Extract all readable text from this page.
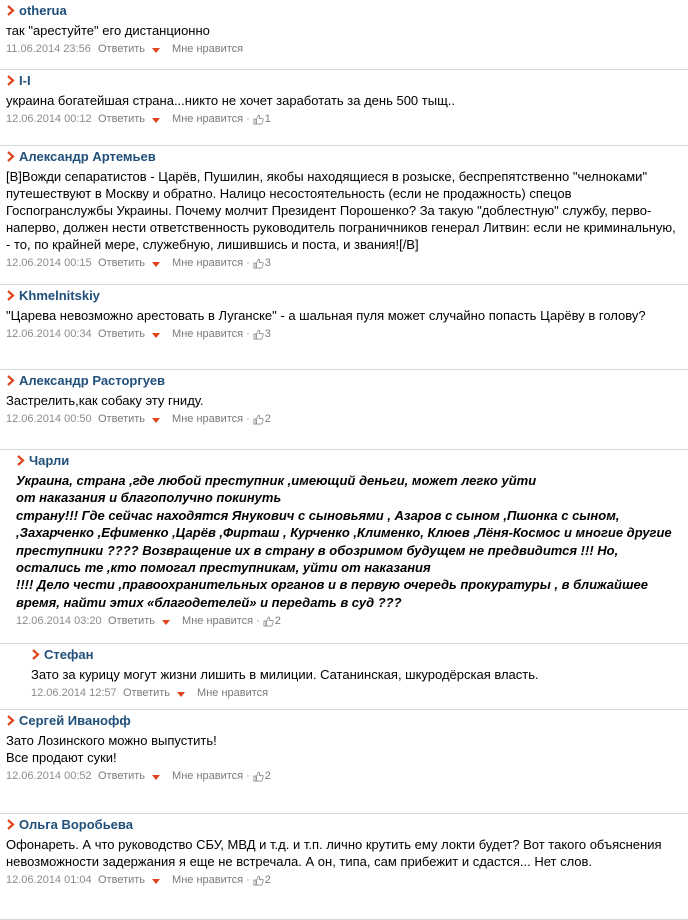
otherua
так "арестуйте" его дистанционно
11.06.2014 23:56 Ответить Мне нравится
I-I
украина богатейшая страна...никто не хочет заработать за день 500 тыщ..
12.06.2014 00:12 Ответить Мне нравится · 1
Александр Артемьев
[B]Вожди сепаратистов - Царёв, Пушилин, якобы находящиеся в розыске, беспрепятственно "челноками" путешествуют в Москву и обратно. Налицо несостоятельность (если не продажность) спецов Госпогранслужбы Украины. Почему молчит Президент Порошенко? За такую "доблестную" службу, перво-наперво, должен нести ответственность руководитель пограничников генерал Литвин: если не криминальную, - то, по крайней мере, служебную, лишившись и поста, и звания![/B]
12.06.2014 00:15 Ответить Мне нравится · 3
Khmelnitskiy
"Царева невозможно арестовать в Луганске" - а шальная пуля может случайно попасть Царёву в голову?
12.06.2014 00:34 Ответить Мне нравится · 3
Александр Расторгуев
Застрелить,как собаку эту гниду.
12.06.2014 00:50 Ответить Мне нравится · 2
Чарли
Украина, страна ,где любой преступник ,имеющий деньги, может легко уйти
от наказания и благополучно покинуть
страну!!! Где сейчас находятся Янукович с сыновьями , Азаров с сыном ,Пшонка с сыном, ,Захарченко ,Ефименко ,Царёв ,Фирташ , Курченко ,Клименко, Клюев ,Лёня-Космос и многие другие преступники ???? Возвращение их в страну в обозримом будущем не предвидится !!! Но, остались те ,кто помогал преступникам, уйти от наказания
!!!! Дело чести ,правоохранительных органов и в первую очередь прокуратуры , в ближайшее время, найти этих «благодетелей» и передать в суд ???
12.06.2014 03:20 Ответить Мне нравится · 2
Стефан
Зато за курицу могут жизни лишить в милиции. Сатанинская, шкуродёрская власть.
12.06.2014 12:57 Ответить Мне нравится
Сергей Иванофф
Зато Лозинского можно выпустить!
Все продают суки!
12.06.2014 00:52 Ответить Мне нравится · 2
Ольга Воробьева
Офонареть. А что руководство СБУ, МВД и т.д. и т.п. лично крутить ему локти будет? Вот такого объяснения невозможности задержания я еще не встречала. А он, типа, сам прибежит и сдастся... Нет слов.
12.06.2014 01:04 Ответить Мне нравится · 2
